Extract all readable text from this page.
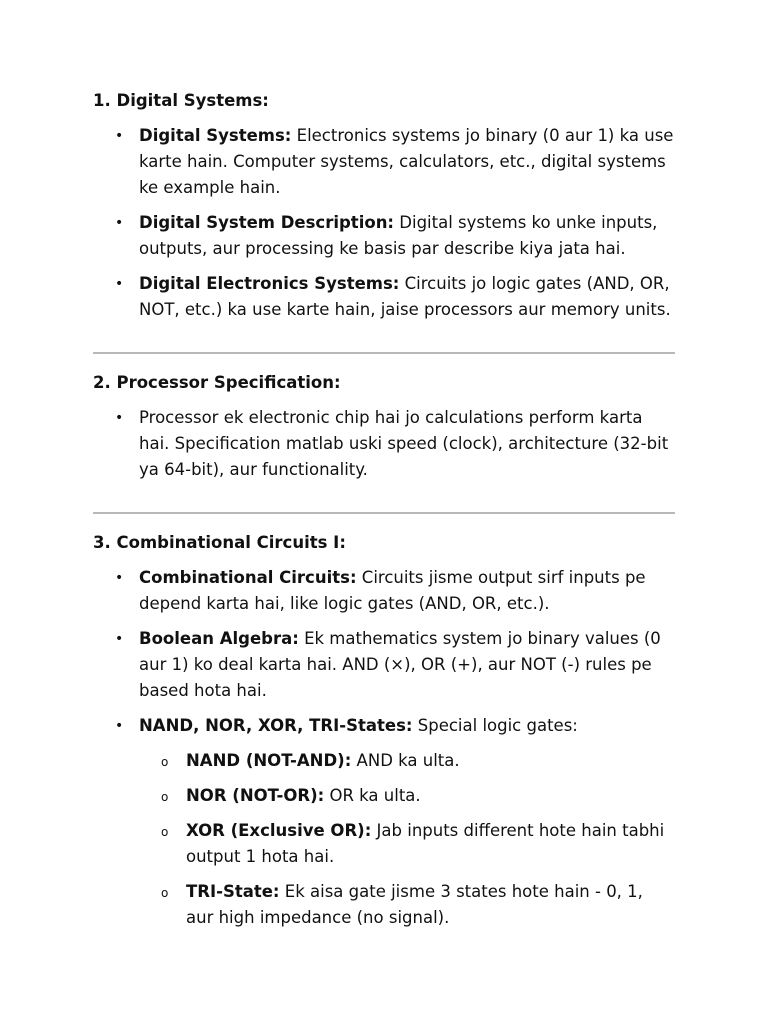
1. Digital Systems:
• Digital Systems: Electronics systems jo binary (0 aur 1) ka use karte hain. Computer systems, calculators, etc., digital systems ke example hain.
• Digital System Description: Digital systems ko unke inputs, outputs, aur processing ke basis par describe kiya jata hai.
• Digital Electronics Systems: Circuits jo logic gates (AND, OR, NOT, etc.) ka use karte hain, jaise processors aur memory units.
2. Processor Specification:
• Processor ek electronic chip hai jo calculations perform karta hai. Specification matlab uski speed (clock), architecture (32-bit ya 64-bit), aur functionality.
3. Combinational Circuits I:
• Combinational Circuits: Circuits jisme output sirf inputs pe depend karta hai, like logic gates (AND, OR, etc.).
• Boolean Algebra: Ek mathematics system jo binary values (0 aur 1) ko deal karta hai. AND (×), OR (+), aur NOT (-) rules pe based hota hai.
• NAND, NOR, XOR, TRI-States: Special logic gates:
o NAND (NOT-AND): AND ka ulta.
o NOR (NOT-OR): OR ka ulta.
o XOR (Exclusive OR): Jab inputs different hote hain tabhi output 1 hota hai.
o TRI-State: Ek aisa gate jisme 3 states hote hain - 0, 1, aur high impedance (no signal).
